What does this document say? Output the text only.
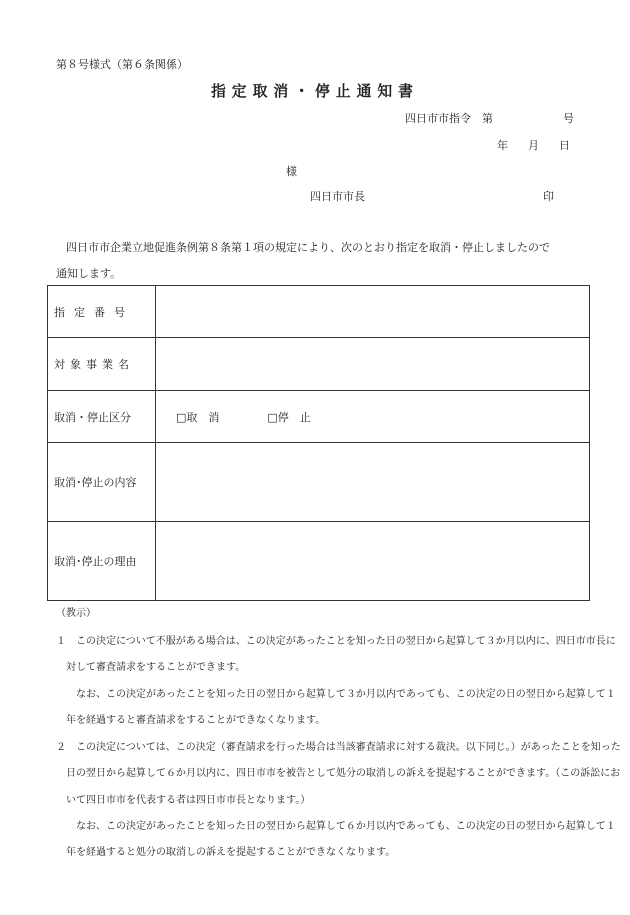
第８号様式（第６条関係）
指定取消・停止通知書
四日市市指令　第	号
年 月 日
様
四日市市長	印
四日市市企業立地促進条例第８条第１項の規定により、次のとおり指定を取消・停止しましたので
通知します。
指定番号	
対象事業名	
取消・停止区分	□取　消 □停　止
取消･停止の内容	
取消･停止の理由	
（教示）
１　この決定について不服がある場合は、この決定があったことを知った日の翌日から起算して３か月以内に、四日市市長に
対して審査請求をすることができます。
なお、この決定があったことを知った日の翌日から起算して３か月以内であっても、この決定の日の翌日から起算して１
年を経過すると審査請求をすることができなくなります。
２　この決定については、この決定（審査請求を行った場合は当該審査請求に対する裁決。以下同じ。）があったことを知った
日の翌日から起算して６か月以内に、四日市市を被告として処分の取消しの訴えを提起することができます。（この訴訟にお
いて四日市市を代表する者は四日市市長となります。）
なお、この決定があったことを知った日の翌日から起算して６か月以内であっても、この決定の日の翌日から起算して１
年を経過すると処分の取消しの訴えを提起することができなくなります。
